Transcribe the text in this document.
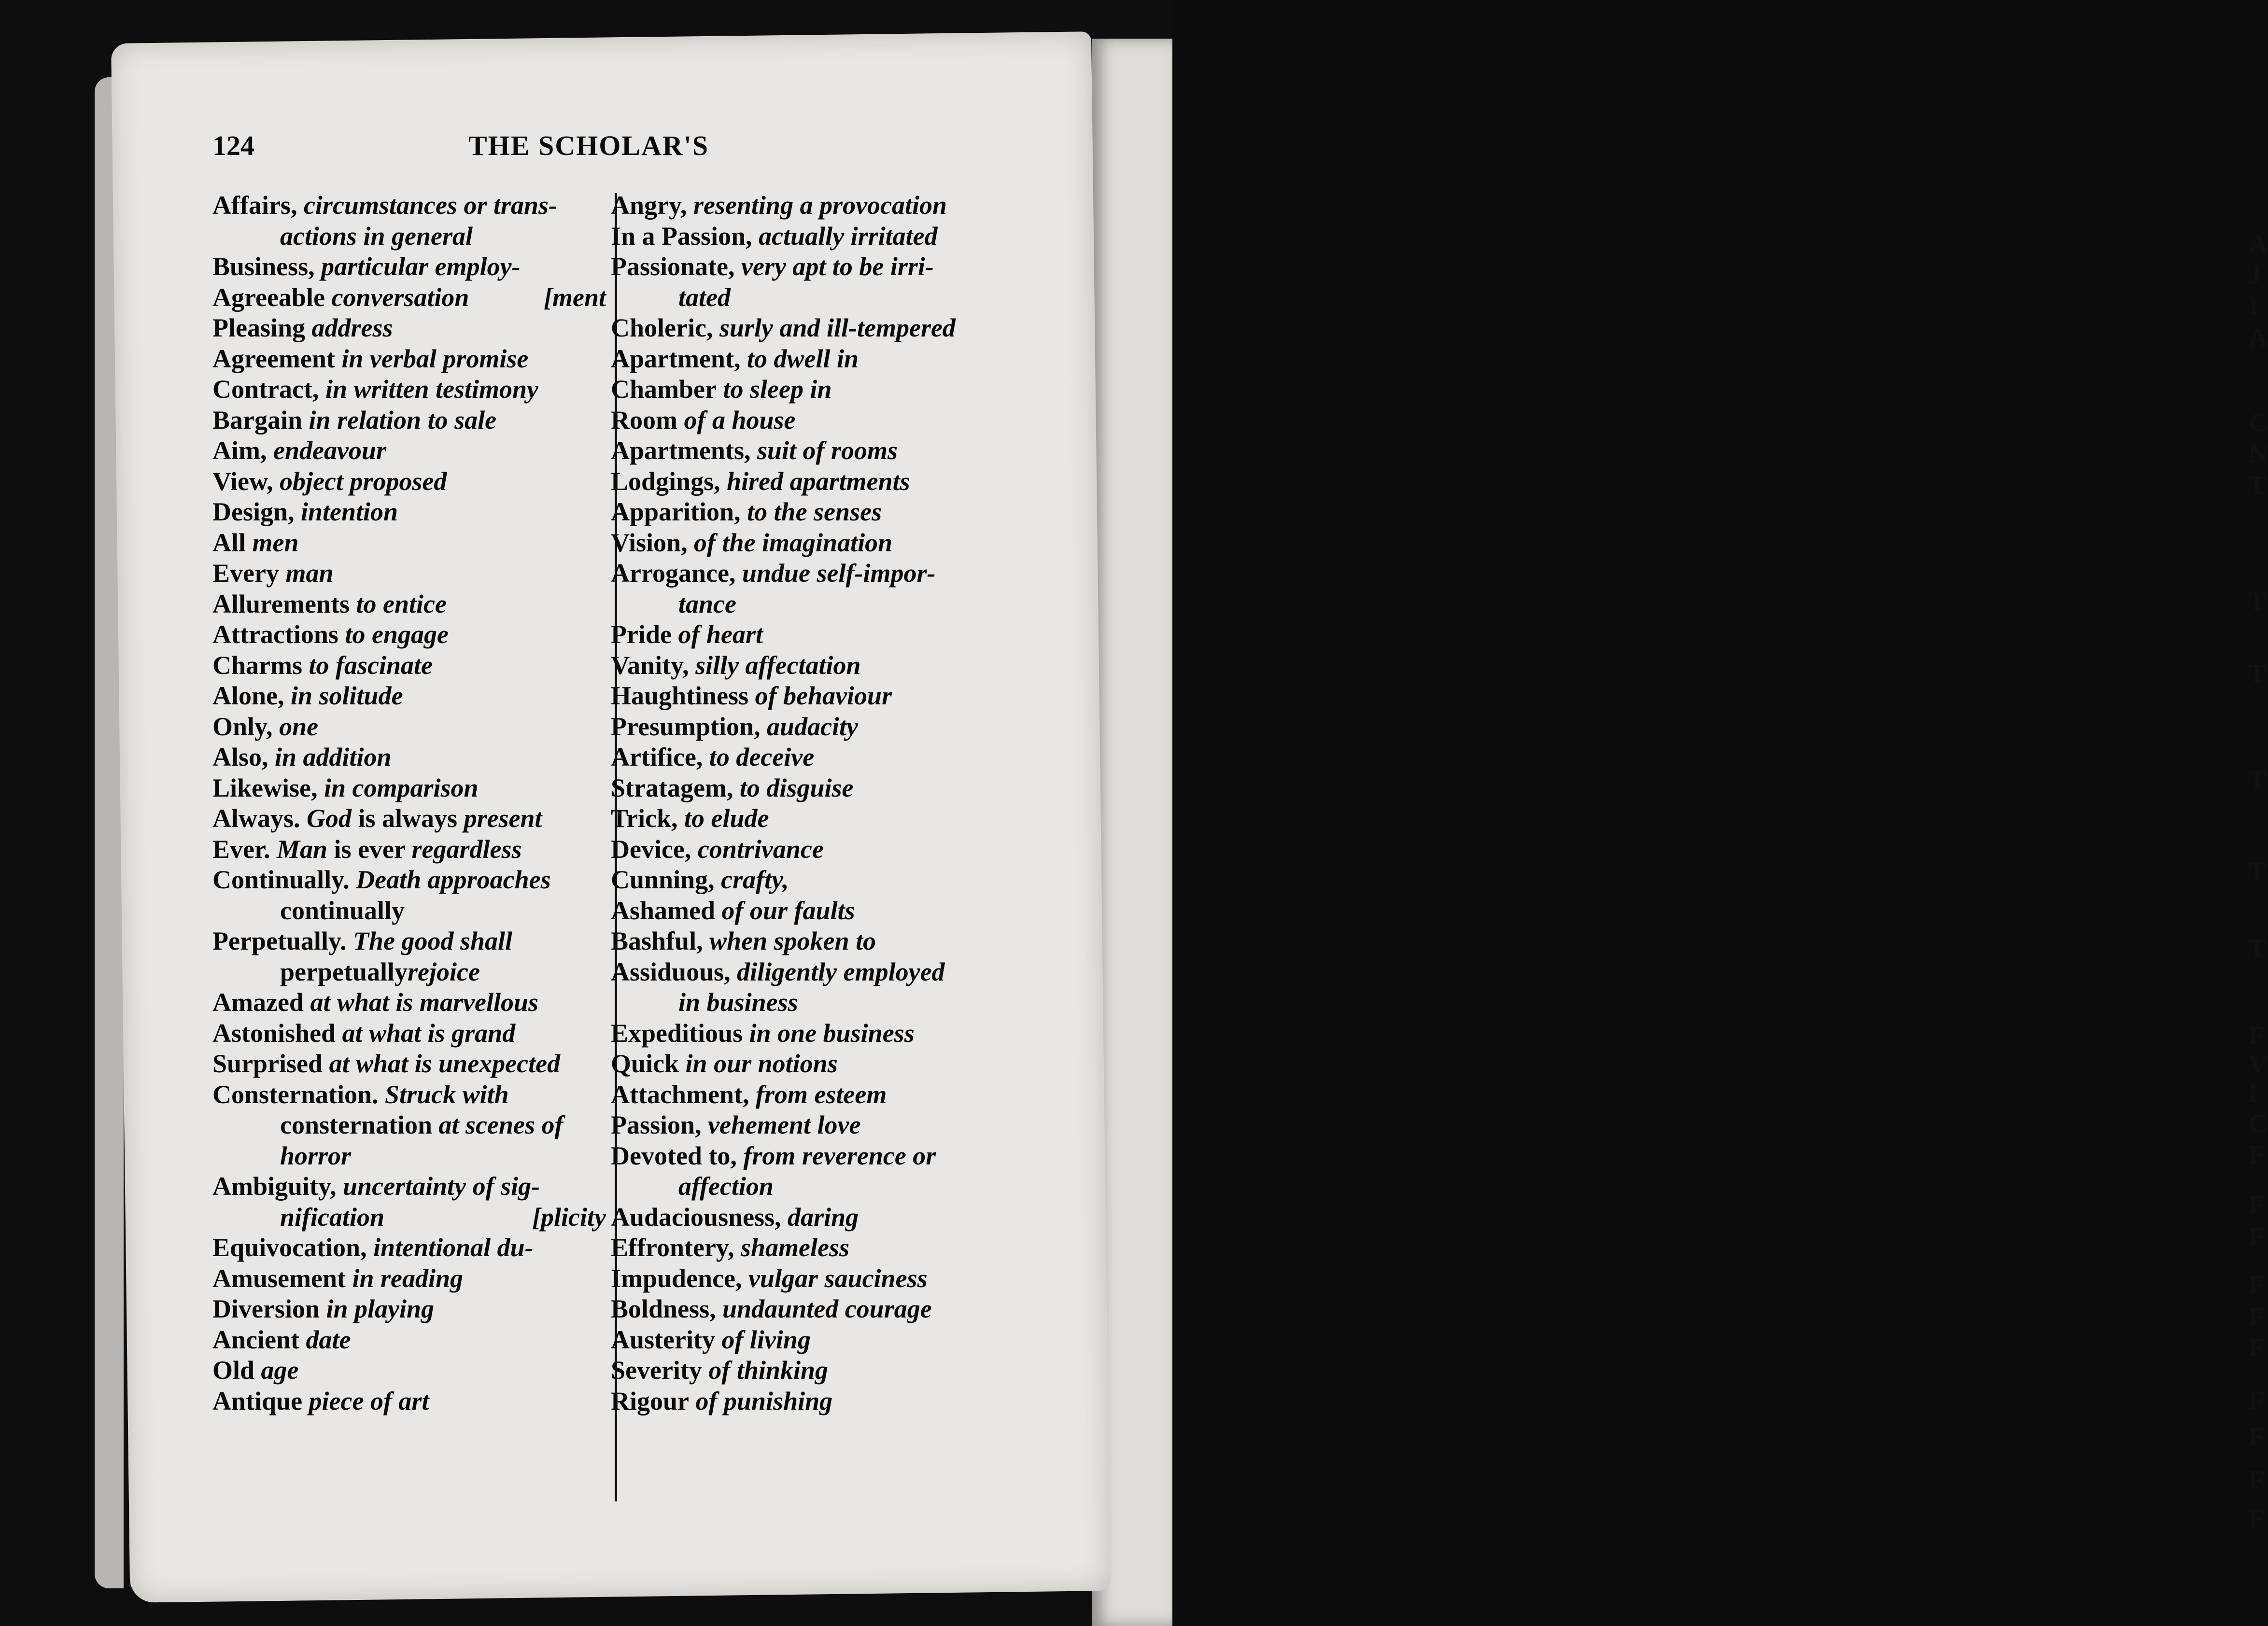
A
J
I
A
C
N
T
T
T
T
T
T
F
V
f
C
F
F
F
F
F
F
F
F
F
F
124	THE SCHOLAR'S
Affairs, circumstances or trans-
actions in general
Business, particular employ-
Agreeable conversation	[ment
Pleasing address
Agreement in verbal promise
Contract, in written testimony
Bargain in relation to sale
Aim, endeavour
View, object proposed
Design, intention
All men
Every man
Allurements to entice
Attractions to engage
Charms to fascinate
Alone, in solitude
Only, one
Also, in addition
Likewise, in comparison
Always. God is always present
Ever. Man is ever regardless
Continually. Death approaches
continually
Perpetually. The good shall
perpetuallyrejoice
Amazed at what is marvellous
Astonished at what is grand
Surprised at what is unexpected
Consternation. Struck with
consternation at scenes of
horror
Ambiguity, uncertainty of sig-
nification	[plicity
Equivocation, intentional du-
Amusement in reading
Diversion in playing
Ancient date
Old age
Antique piece of art
Angry, resenting a provocation
In a Passion, actually irritated
Passionate, very apt to be irri-
tated
Choleric, surly and ill-tempered
Apartment, to dwell in
Chamber to sleep in
Room of a house
Apartments, suit of rooms
Lodgings, hired apartments
Apparition, to the senses
Vision, of the imagination
Arrogance, undue self-impor-
tance
Pride of heart
Vanity, silly affectation
Haughtiness of behaviour
Presumption, audacity
Artifice, to deceive
Stratagem, to disguise
Trick, to elude
Device, contrivance
Cunning, crafty,
Ashamed of our faults
Bashful, when spoken to
Assiduous, diligently employed
in business
Expeditious in one business
Quick in our notions
Attachment, from esteem
Passion, vehement love
Devoted to, from reverence or
affection
Audaciousness, daring
Effrontery, shameless
Impudence, vulgar sauciness
Boldness, undaunted courage
Austerity of living
Severity of thinking
Rigour of punishing
